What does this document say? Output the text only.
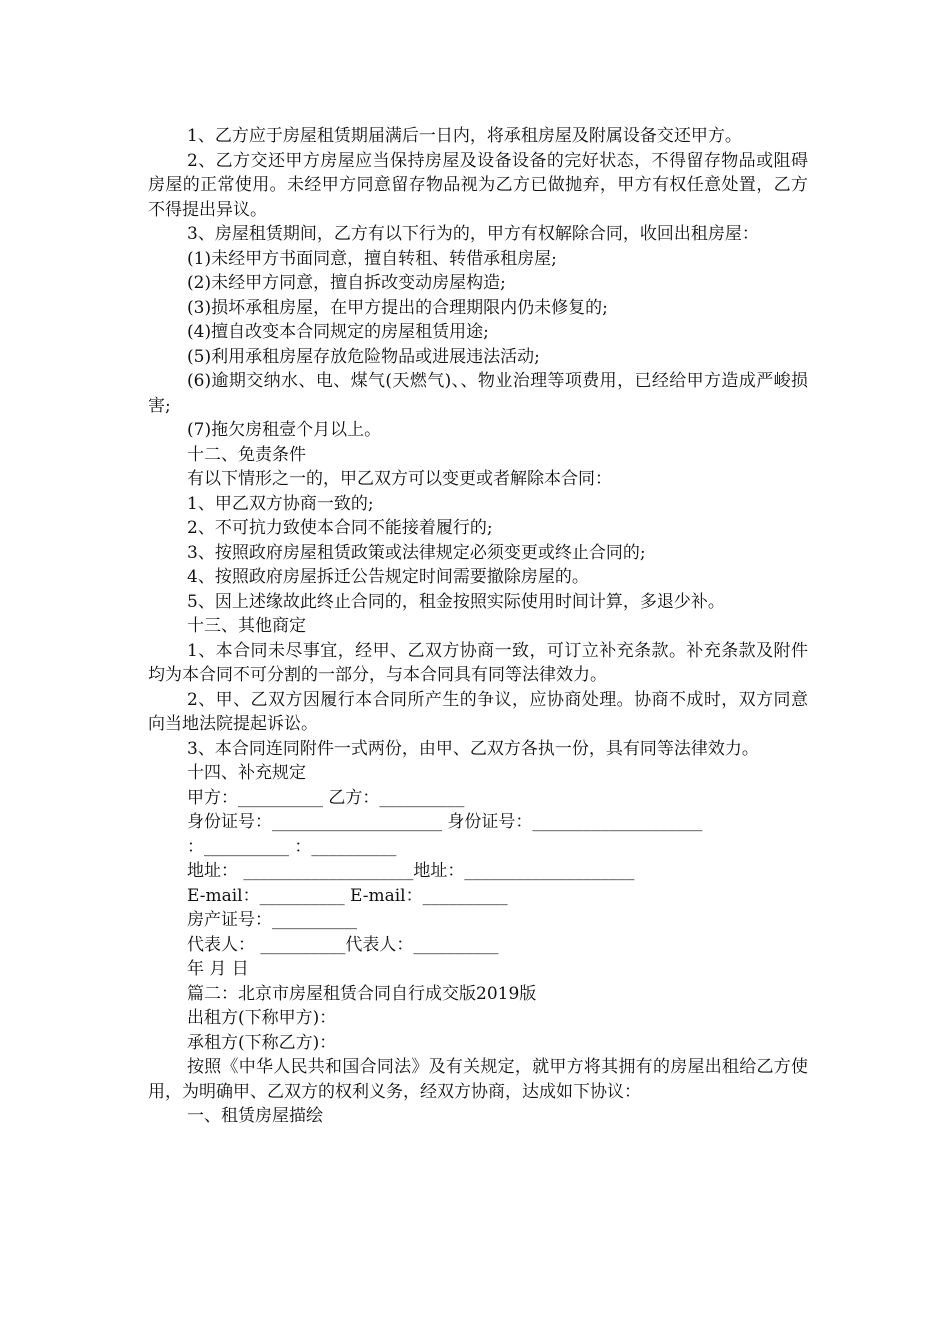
1、乙方应于房屋租赁期届满后一日内，将承租房屋及附属设备交还甲方。

2、乙方交还甲方房屋应当保持房屋及设备设备的完好状态，不得留存物品或阻碍房屋的正常使用。未经甲方同意留存物品视为乙方已做抛弃，甲方有权任意处置，乙方不得提出异议。

3、房屋租赁期间，乙方有以下行为的，甲方有权解除合同，收回出租房屋：

(1)未经甲方书面同意，擅自转租、转借承租房屋;

(2)未经甲方同意，擅自拆改变动房屋构造;

(3)损坏承租房屋，在甲方提出的合理期限内仍未修复的;

(4)擅自改变本合同规定的房屋租赁用途;

(5)利用承租房屋存放危险物品或进展违法活动;

(6)逾期交纳水、电、煤气(天燃气)、、物业治理等项费用，已经给甲方造成严峻损害;

(7)拖欠房租壹个月以上。

十二、免责条件

有以下情形之一的，甲乙双方可以变更或者解除本合同：

1、甲乙双方协商一致的;

2、不可抗力致使本合同不能接着履行的;

3、按照政府房屋租赁政策或法律规定必须变更或终止合同的;

4、按照政府房屋拆迁公告规定时间需要撤除房屋的。

5、因上述缘故此终止合同的，租金按照实际使用时间计算，多退少补。

十三、其他商定

1、本合同未尽事宜，经甲、乙双方协商一致，可订立补充条款。补充条款及附件均为本合同不可分割的一部分，与本合同具有同等法律效力。

2、甲、乙双方因履行本合同所产生的争议，应协商处理。协商不成时，双方同意向当地法院提起诉讼。

3、本合同连同附件一式两份，由甲、乙双方各执一份，具有同等法律效力。

十四、补充规定

甲方：__________ 乙方：__________

身份证号：____________________ 身份证号：____________________

：__________ ：__________

地址： ____________________地址：____________________

E-mail：__________ E-mail：__________

房产证号：__________

代表人： __________代表人：__________

年 月 日

篇二：北京市房屋租赁合同自行成交版2019版

出租方(下称甲方)：

承租方(下称乙方)：

按照《中华人民共和国合同法》及有关规定，就甲方将其拥有的房屋出租给乙方使用，为明确甲、乙双方的权利义务，经双方协商，达成如下协议：

一、租赁房屋描绘
